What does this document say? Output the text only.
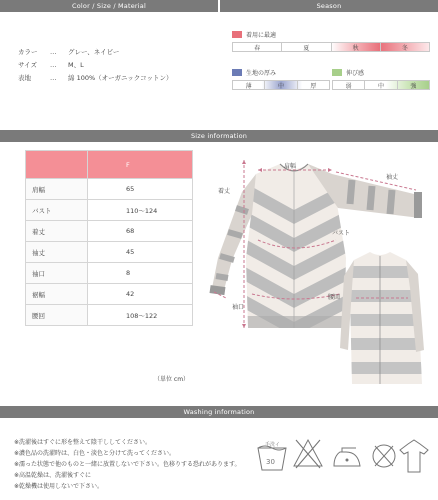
Color / Size / Material	Season
カラー	…	グレー、ネイビー
サイズ	…	M、L
表地	…	綿 100%（オーガニックコットン）
着用に最適
春	夏	秋	冬
生地の厚み
薄	中	厚
伸び感
弱	中	強
Size information
	F
肩幅	65
バスト	110〜124
着丈	68
袖丈	45
袖口	8
裾幅	42
腰回	108〜122
（単位 cm）
肩幅
袖丈
着丈
バスト
袖口
腰回
Washing information
※洗濯後はすぐに形を整えて陰干ししてください。
※濃色品の洗濯時は、白色・淡色と分けて洗ってください。
※濡った状態で他のものと一緒に放置しないで下さい。色移りする恐れがあります。
※高温乾燥は、洗濯後すぐに
※乾燥機は使用しないで下さい。
手洗イ
30
